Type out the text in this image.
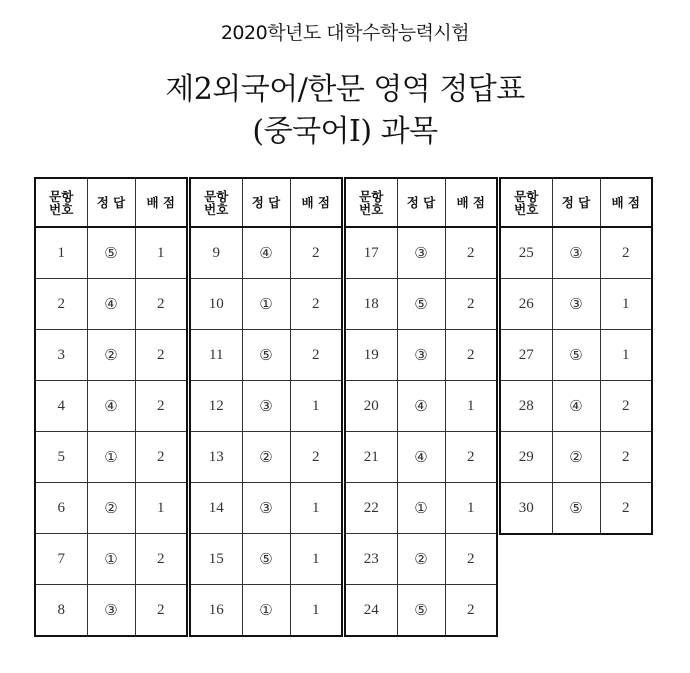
2020학년도 대학수학능력시험
제2외국어/한문 영역 정답표
(중국어Ⅰ) 과목
문항
번호	정 답	배 점
1	⑤	1
2	④	2
3	②	2
4	④	2
5	①	2
6	②	1
7	①	2
8	③	2
문항
번호	정 답	배 점
9	④	2
10	①	2
11	⑤	2
12	③	1
13	②	2
14	③	1
15	⑤	1
16	①	1
문항
번호	정 답	배 점
17	③	2
18	⑤	2
19	③	2
20	④	1
21	④	2
22	①	1
23	②	2
24	⑤	2
문항
번호	정 답	배 점
25	③	2
26	③	1
27	⑤	1
28	④	2
29	②	2
30	⑤	2
